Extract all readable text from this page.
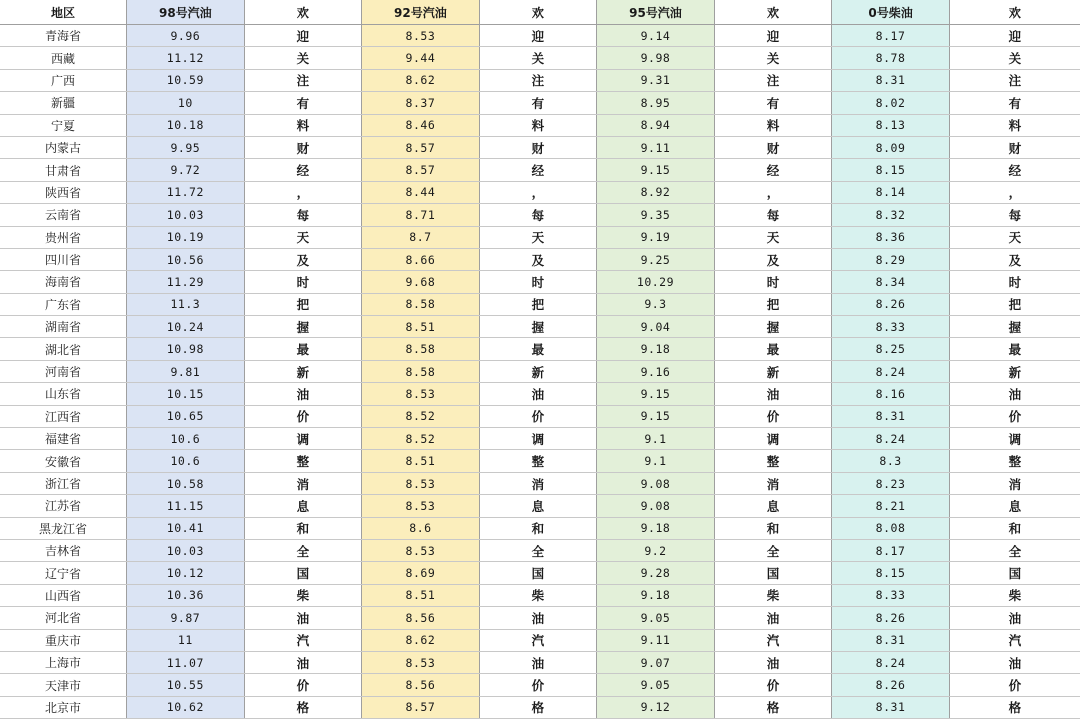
地区	98号汽油	欢	92号汽油	欢	95号汽油	欢	0号柴油	欢
青海省	9.96	迎	8.53	迎	9.14	迎	8.17	迎
西藏	11.12	关	9.44	关	9.98	关	8.78	关
广西	10.59	注	8.62	注	9.31	注	8.31	注
新疆	10	有	8.37	有	8.95	有	8.02	有
宁夏	10.18	料	8.46	料	8.94	料	8.13	料
内蒙古	9.95	财	8.57	财	9.11	财	8.09	财
甘肃省	9.72	经	8.57	经	9.15	经	8.15	经
陕西省	11.72	，	8.44	，	8.92	，	8.14	，
云南省	10.03	每	8.71	每	9.35	每	8.32	每
贵州省	10.19	天	8.7	天	9.19	天	8.36	天
四川省	10.56	及	8.66	及	9.25	及	8.29	及
海南省	11.29	时	9.68	时	10.29	时	8.34	时
广东省	11.3	把	8.58	把	9.3	把	8.26	把
湖南省	10.24	握	8.51	握	9.04	握	8.33	握
湖北省	10.98	最	8.58	最	9.18	最	8.25	最
河南省	9.81	新	8.58	新	9.16	新	8.24	新
山东省	10.15	油	8.53	油	9.15	油	8.16	油
江西省	10.65	价	8.52	价	9.15	价	8.31	价
福建省	10.6	调	8.52	调	9.1	调	8.24	调
安徽省	10.6	整	8.51	整	9.1	整	8.3	整
浙江省	10.58	消	8.53	消	9.08	消	8.23	消
江苏省	11.15	息	8.53	息	9.08	息	8.21	息
黑龙江省	10.41	和	8.6	和	9.18	和	8.08	和
吉林省	10.03	全	8.53	全	9.2	全	8.17	全
辽宁省	10.12	国	8.69	国	9.28	国	8.15	国
山西省	10.36	柴	8.51	柴	9.18	柴	8.33	柴
河北省	9.87	油	8.56	油	9.05	油	8.26	油
重庆市	11	汽	8.62	汽	9.11	汽	8.31	汽
上海市	11.07	油	8.53	油	9.07	油	8.24	油
天津市	10.55	价	8.56	价	9.05	价	8.26	价
北京市	10.62	格	8.57	格	9.12	格	8.31	格
